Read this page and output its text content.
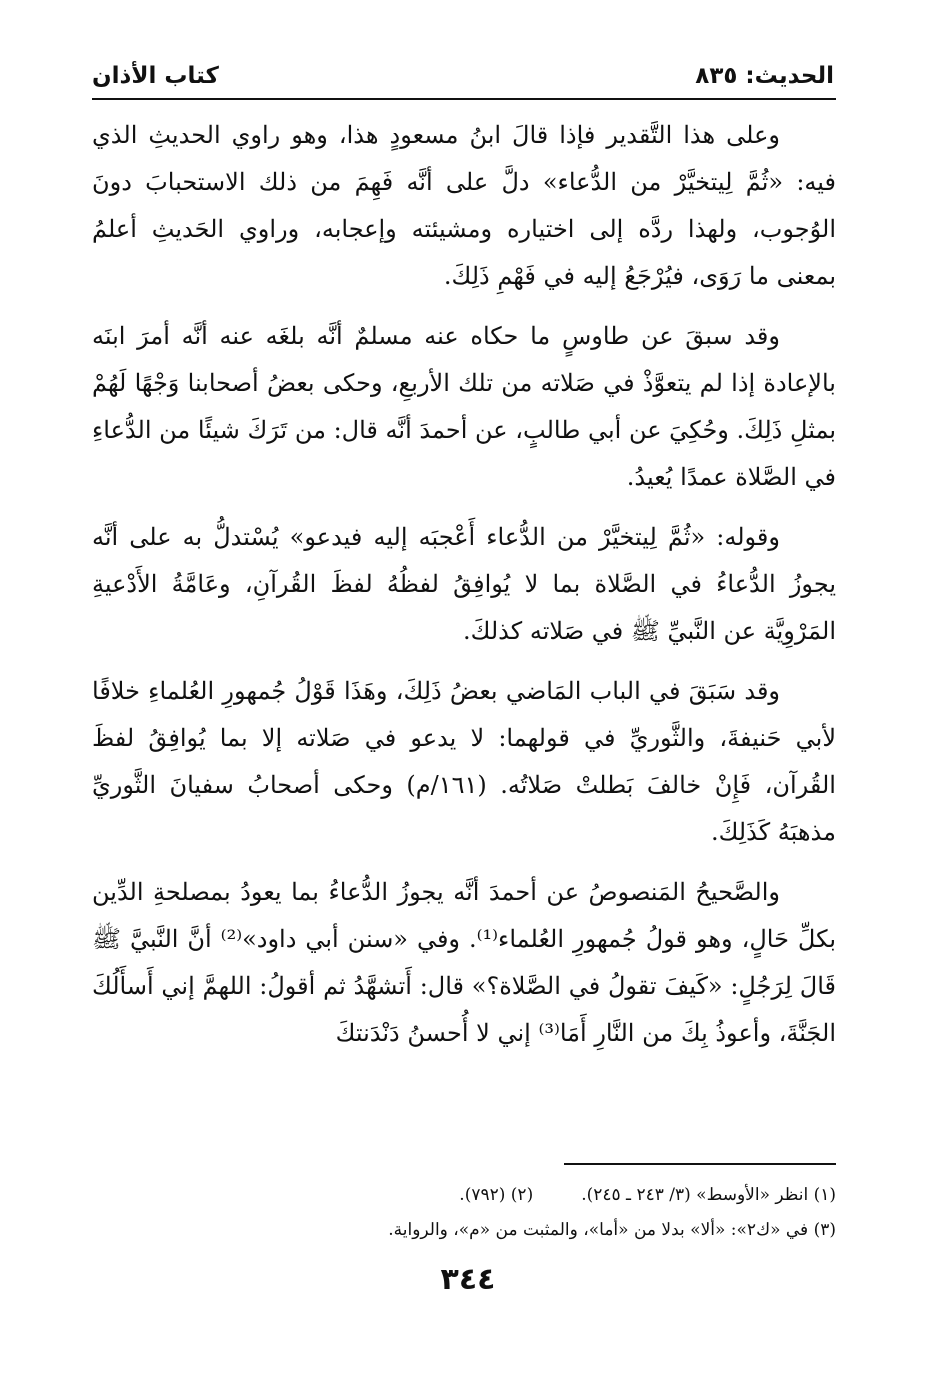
الحديث: ٨٣٥
كتاب الأذان

وعلى هذا التَّقدير فإذا قالَ ابنُ مسعودٍ هذا، وهو راوي الحديثِ الذي فيه: «ثُمَّ لِيتخيَّرْ من الدُّعاء» دلَّ على أنَّه فَهِمَ من ذلك الاستحبابَ دونَ الوُجوب، ولهذا ردَّه إلى اختياره ومشيئته وإعجابه، وراوي الحَديثِ أعلمُ بمعنى ما رَوَى، فيُرْجَعُ إليه في فَهْمِ ذَلِكَ.

وقد سبقَ عن طاوسٍ ما حكاه عنه مسلمٌ أنَّه بلغَه عنه أنَّه أمرَ ابنَه بالإعادة إذا لم يتعوَّذْ في صَلاته من تلك الأربعِ، وحكى بعضُ أصحابنا وَجْهًا لَهُمْ بمثلِ ذَلِكَ. وحُكِيَ عن أبي طالبٍ، عن أحمدَ أنَّه قال: من تَرَكَ شيئًا من الدُّعاءِ في الصَّلاة عمدًا يُعيدُ.

وقوله: «ثُمَّ لِيتخيَّرْ من الدُّعاء أَعْجبَه إليه فيدعو» يُسْتدلُّ به على أنَّه يجوزُ الدُّعاءُ في الصَّلاة بما لا يُوافِقُ لفظُهُ لفظَ القُرآنِ، وعَامَّةُ الأَدْعيةِ المَرْوِيَّة عن النَّبيِّ ﷺ في صَلاته كذلكَ.

وقد سَبَقَ في الباب المَاضي بعضُ ذَلِكَ، وهَذَا قَوْلُ جُمهورِ العُلماءِ خلافًا لأبي حَنيفةَ، والثَّوريِّ في قولهما: لا يدعو في صَلاته إلا بما يُوافِقُ لفظَ القُرآن، فَإِنْ خالفَ بَطلتْ صَلاتُه. (١٦١/م) وحكى أصحابُ سفيانَ الثَّوريِّ مذهبَهُ كَذَلِكَ.

والصَّحيحُ المَنصوصُ عن أحمدَ أنَّه يجوزُ الدُّعاءُ بما يعودُ بمصلحةِ الدِّين بكلِّ حَالٍ، وهو قولُ جُمهورِ العُلماء⁽¹⁾. وفي «سنن أبي داود»⁽²⁾ أنَّ النَّبيَّ ﷺ قَالَ لِرَجُلٍ: «كَيفَ تقولُ في الصَّلاة؟» قال: أَتشهَّدُ ثم أقولُ: اللهمَّ إني أَسأَلُكَ الجَنَّةَ، وأعوذُ بِكَ من النَّارِ أَمَا⁽³⁾ إني لا أُحسنُ دَنْدَنتكَ

(١) انظر «الأوسط» (٣/ ٢٤٣ ـ ٢٤٥).
(٢) (٧٩٢).
(٣) في «ك٢»: «ألا» بدلا من «أما»، والمثبت من «م»، والرواية.
٣٤٤
